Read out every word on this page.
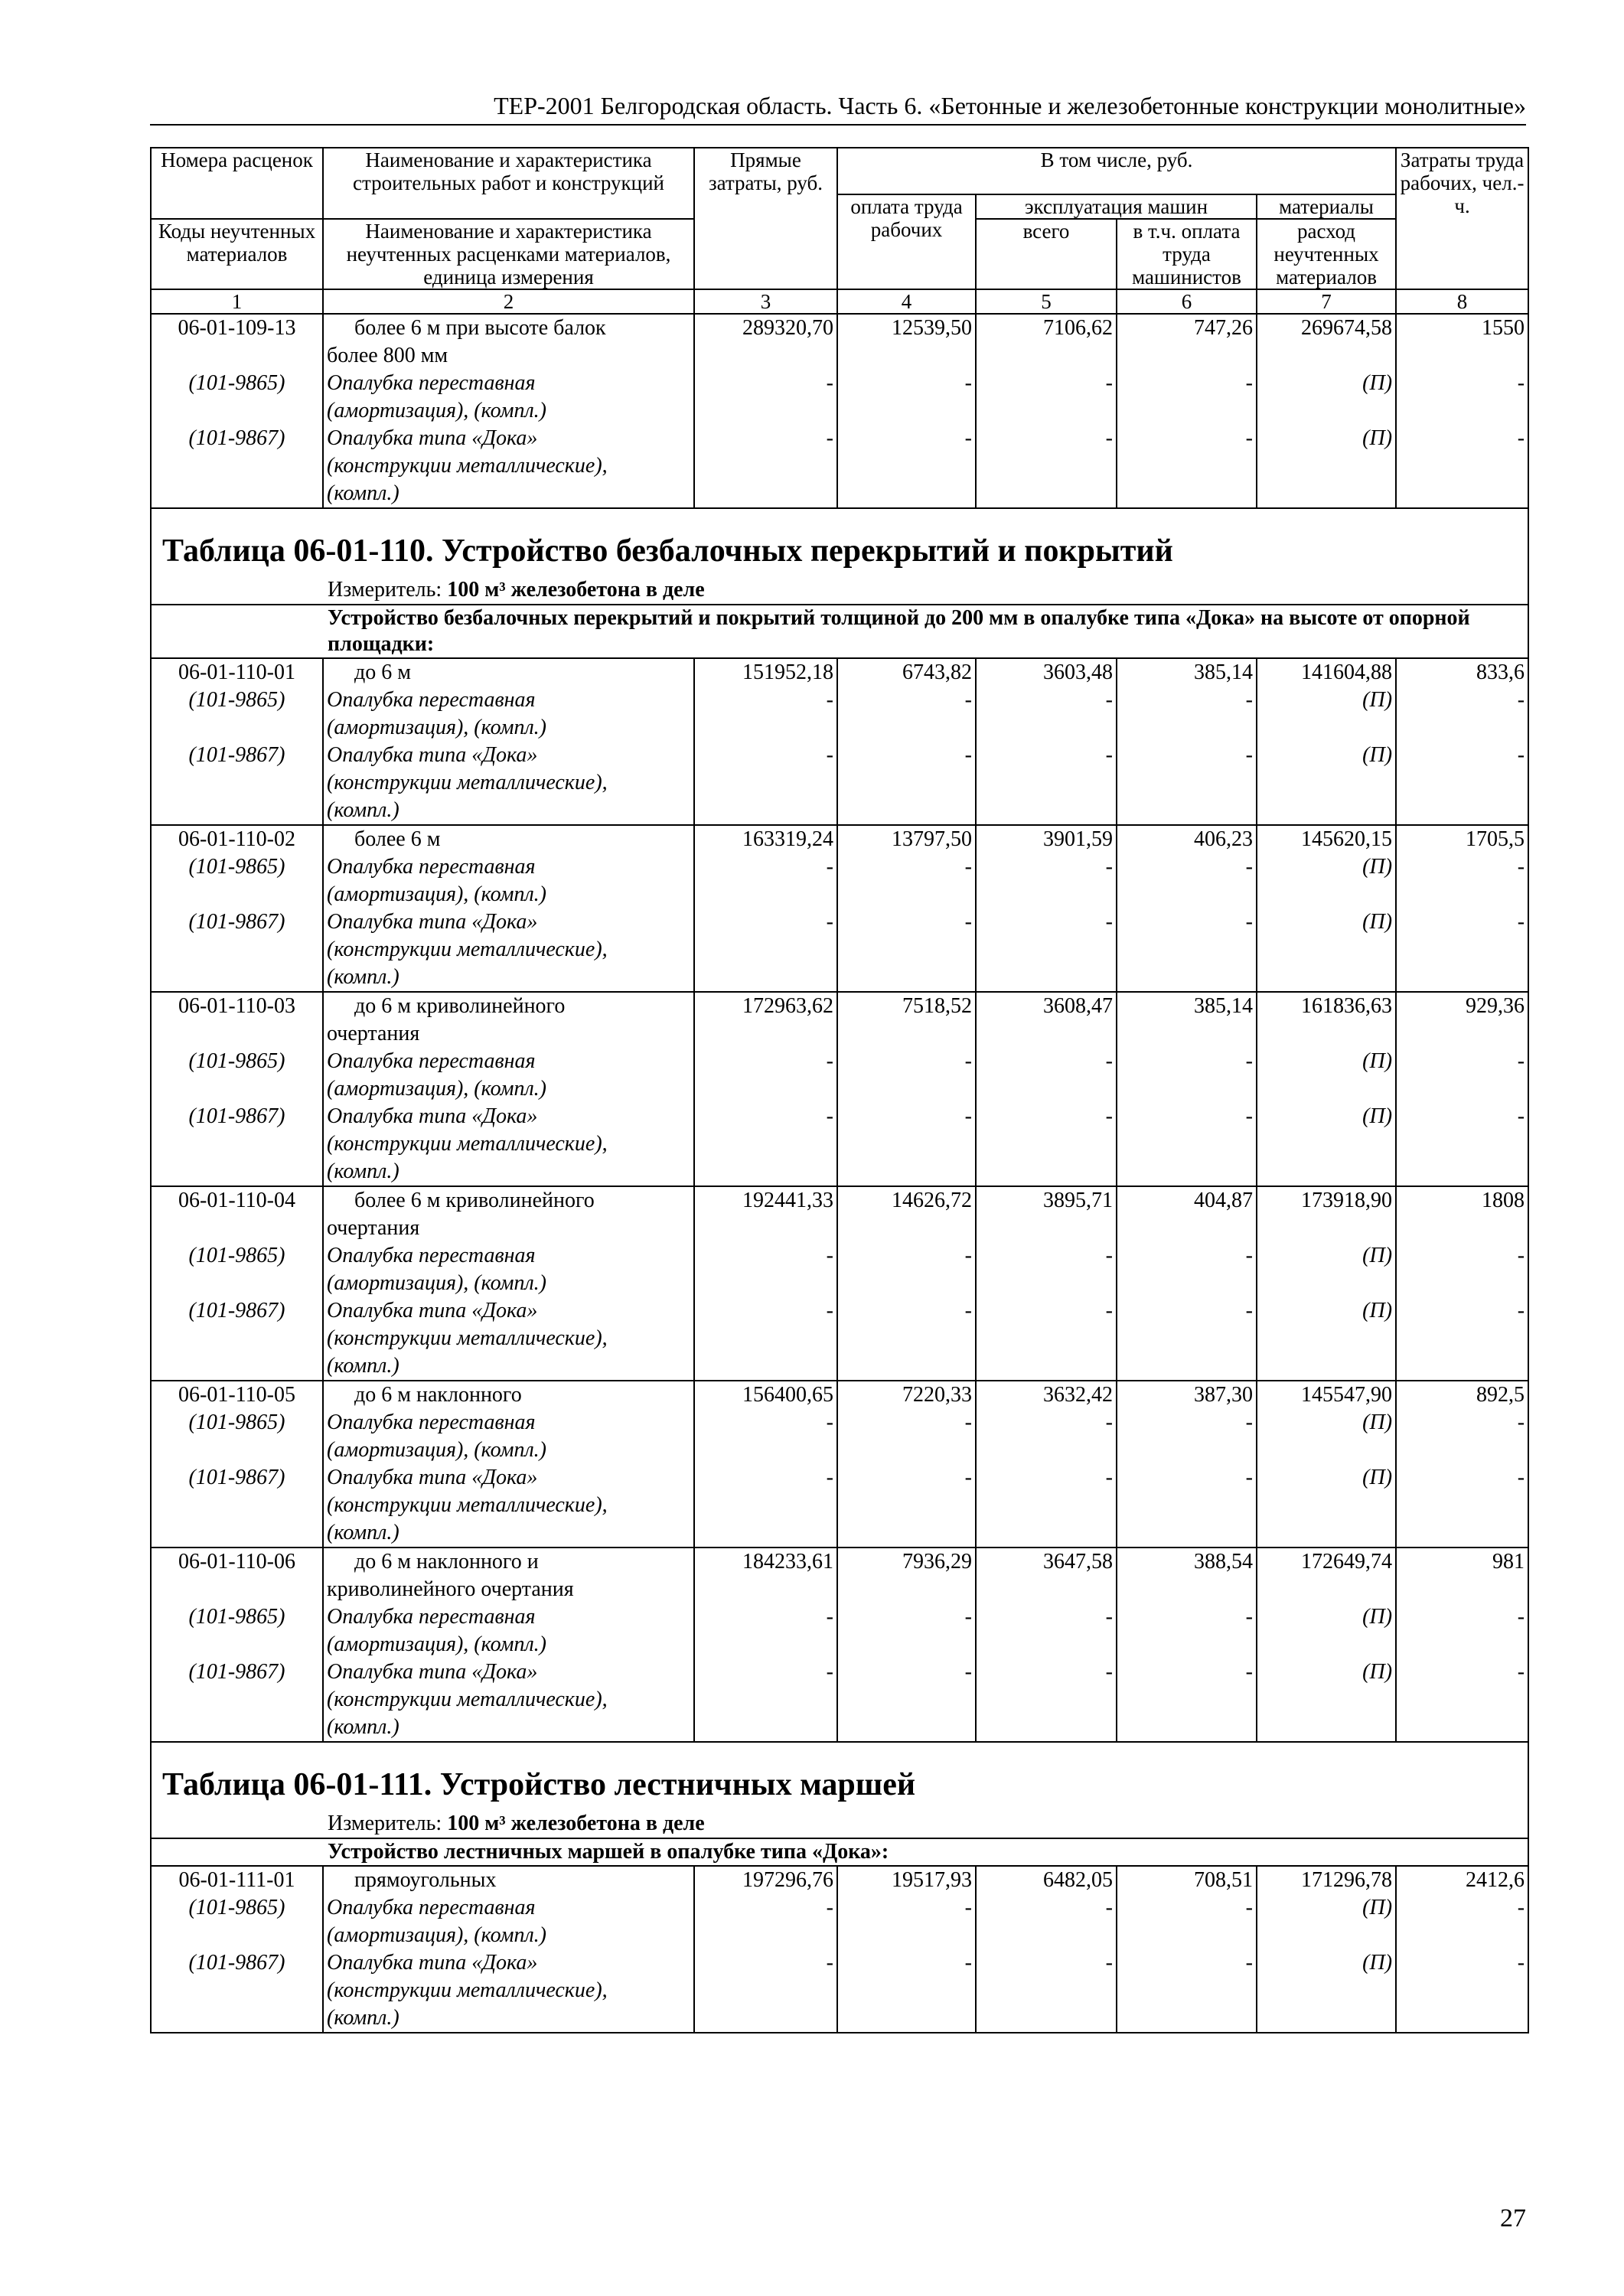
ТЕР-2001 Белгородская область. Часть 6. «Бетонные и железобетонные конструкции монолитные»
Номера расценок	Наименование и характеристика строительных работ и конструкций	Прямые затраты, руб.	В том числе, руб.				Затраты труда рабочих, чел.-ч.
			оплата труда рабочих	эксплуатация машин		материалы	
Коды неучтенных материалов	Наименование и характеристика неучтенных расценками материалов, единица измерения			всего	в т.ч. оплата труда машинистов	расход неучтенных материалов	

1	2	3	4	5	6	7	8
06-01-109-13	более 6 м при высоте балок	289320,70	12539,50	7106,62	747,26	269674,58	1550
	более 800 мм						
(101-9865)	Опалубка переставная	-	-	-	-	(П)	-
	(амортизация), (компл.)						
(101-9867)	Опалубка типа «Дока»	-	-	-	-	(П)	-
	(конструкции металлические),						
	(компл.)						
Таблица 06-01-110. Устройство безбалочных перекрытий и покрытий							
Измеритель: 100 м³ железобетона в деле							
Устройство безбалочных перекрытий и покрытий толщиной до 200 мм в опалубке типа «Дока» на высоте от опорной площадки:							
06-01-110-01	до 6 м	151952,18	6743,82	3603,48	385,14	141604,88	833,6
(101-9865)	Опалубка переставная	-	-	-	-	(П)	-
	(амортизация), (компл.)						
(101-9867)	Опалубка типа «Дока»	-	-	-	-	(П)	-
	(конструкции металлические),						
	(компл.)						
06-01-110-02	более 6 м	163319,24	13797,50	3901,59	406,23	145620,15	1705,5
(101-9865)	Опалубка переставная	-	-	-	-	(П)	-
	(амортизация), (компл.)						
(101-9867)	Опалубка типа «Дока»	-	-	-	-	(П)	-
	(конструкции металлические),						
	(компл.)						
06-01-110-03	до 6 м криволинейного	172963,62	7518,52	3608,47	385,14	161836,63	929,36
	очертания						
(101-9865)	Опалубка переставная	-	-	-	-	(П)	-
	(амортизация), (компл.)						
(101-9867)	Опалубка типа «Дока»	-	-	-	-	(П)	-
	(конструкции металлические),						
	(компл.)						
06-01-110-04	более 6 м криволинейного	192441,33	14626,72	3895,71	404,87	173918,90	1808
	очертания						
(101-9865)	Опалубка переставная	-	-	-	-	(П)	-
	(амортизация), (компл.)						
(101-9867)	Опалубка типа «Дока»	-	-	-	-	(П)	-
	(конструкции металлические),						
	(компл.)						
06-01-110-05	до 6 м наклонного	156400,65	7220,33	3632,42	387,30	145547,90	892,5
(101-9865)	Опалубка переставная	-	-	-	-	(П)	-
	(амортизация), (компл.)						
(101-9867)	Опалубка типа «Дока»	-	-	-	-	(П)	-
	(конструкции металлические),						
	(компл.)						
06-01-110-06	до 6 м наклонного и	184233,61	7936,29	3647,58	388,54	172649,74	981
	криволинейного очертания						
(101-9865)	Опалубка переставная	-	-	-	-	(П)	-
	(амортизация), (компл.)						
(101-9867)	Опалубка типа «Дока»	-	-	-	-	(П)	-
	(конструкции металлические),						
	(компл.)						
Таблица 06-01-111. Устройство лестничных маршей							
Измеритель: 100 м³ железобетона в деле							
Устройство лестничных маршей в опалубке типа «Дока»:							
06-01-111-01	прямоугольных	197296,76	19517,93	6482,05	708,51	171296,78	2412,6
(101-9865)	Опалубка переставная	-	-	-	-	(П)	-
	(амортизация), (компл.)						
(101-9867)	Опалубка типа «Дока»	-	-	-	-	(П)	-
	(конструкции металлические),						
	(компл.)						
27
